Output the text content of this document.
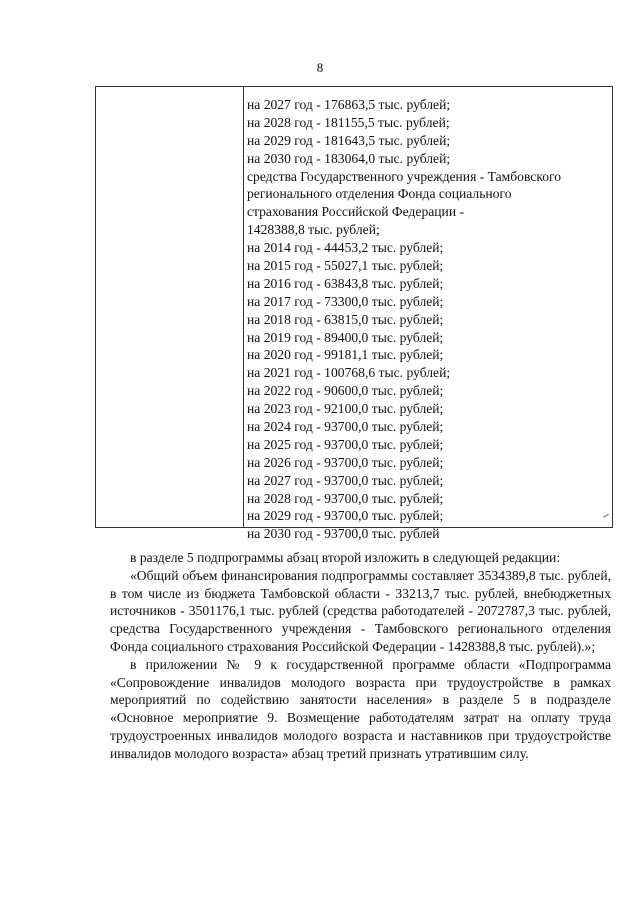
8
на 2027 год - 176863,5 тыс. рублей;
на 2028 год - 181155,5 тыс. рублей;
на 2029 год - 181643,5 тыс. рублей;
на 2030 год - 183064,0 тыс. рублей;
средства Государственного учреждения - Тамбовского
регионального отделения Фонда социального
страхования Российской Федерации -
1428388,8 тыс. рублей;
на 2014 год - 44453,2 тыс. рублей;
на 2015 год - 55027,1 тыс. рублей;
на 2016 год - 63843,8 тыс. рублей;
на 2017 год - 73300,0 тыс. рублей;
на 2018 год - 63815,0 тыс. рублей;
на 2019 год - 89400,0 тыс. рублей;
на 2020 год - 99181,1 тыс. рублей;
на 2021 год - 100768,6 тыс. рублей;
на 2022 год - 90600,0 тыс. рублей;
на 2023 год - 92100,0 тыс. рублей;
на 2024 год - 93700,0 тыс. рублей;
на 2025 год - 93700,0 тыс. рублей;
на 2026 год - 93700,0 тыс. рублей;
на 2027 год - 93700,0 тыс. рублей;
на 2028 год - 93700,0 тыс. рублей;
на 2029 год - 93700,0 тыс. рублей;
на 2030 год - 93700,0 тыс. рублей

в разделе 5 подпрограммы абзац второй изложить в следующей редакции:

«Общий объем финансирования подпрограммы составляет 3534389,8 тыс. рублей, в том числе из бюджета Тамбовской области - 33213,7 тыс. рублей, внебюджетных источников - 3501176,1 тыс. рублей (средства работодателей - 2072787,3 тыс. рублей, средства Государственного учреждения - Тамбовского регионального отделения Фонда социального страхования Российской Федерации - 1428388,8 тыс. рублей).»;

в приложении № 9 к государственной программе области «Подпрограмма «Сопровождение инвалидов молодого возраста при трудоустройстве в рамках мероприятий по содействию занятости населения» в разделе 5 в подразделе «Основное мероприятие 9. Возмещение работодателям затрат на оплату труда трудоустроенных инвалидов молодого возраста и наставников при трудоустройстве инвалидов молодого возраста» абзац третий признать утратившим силу.
